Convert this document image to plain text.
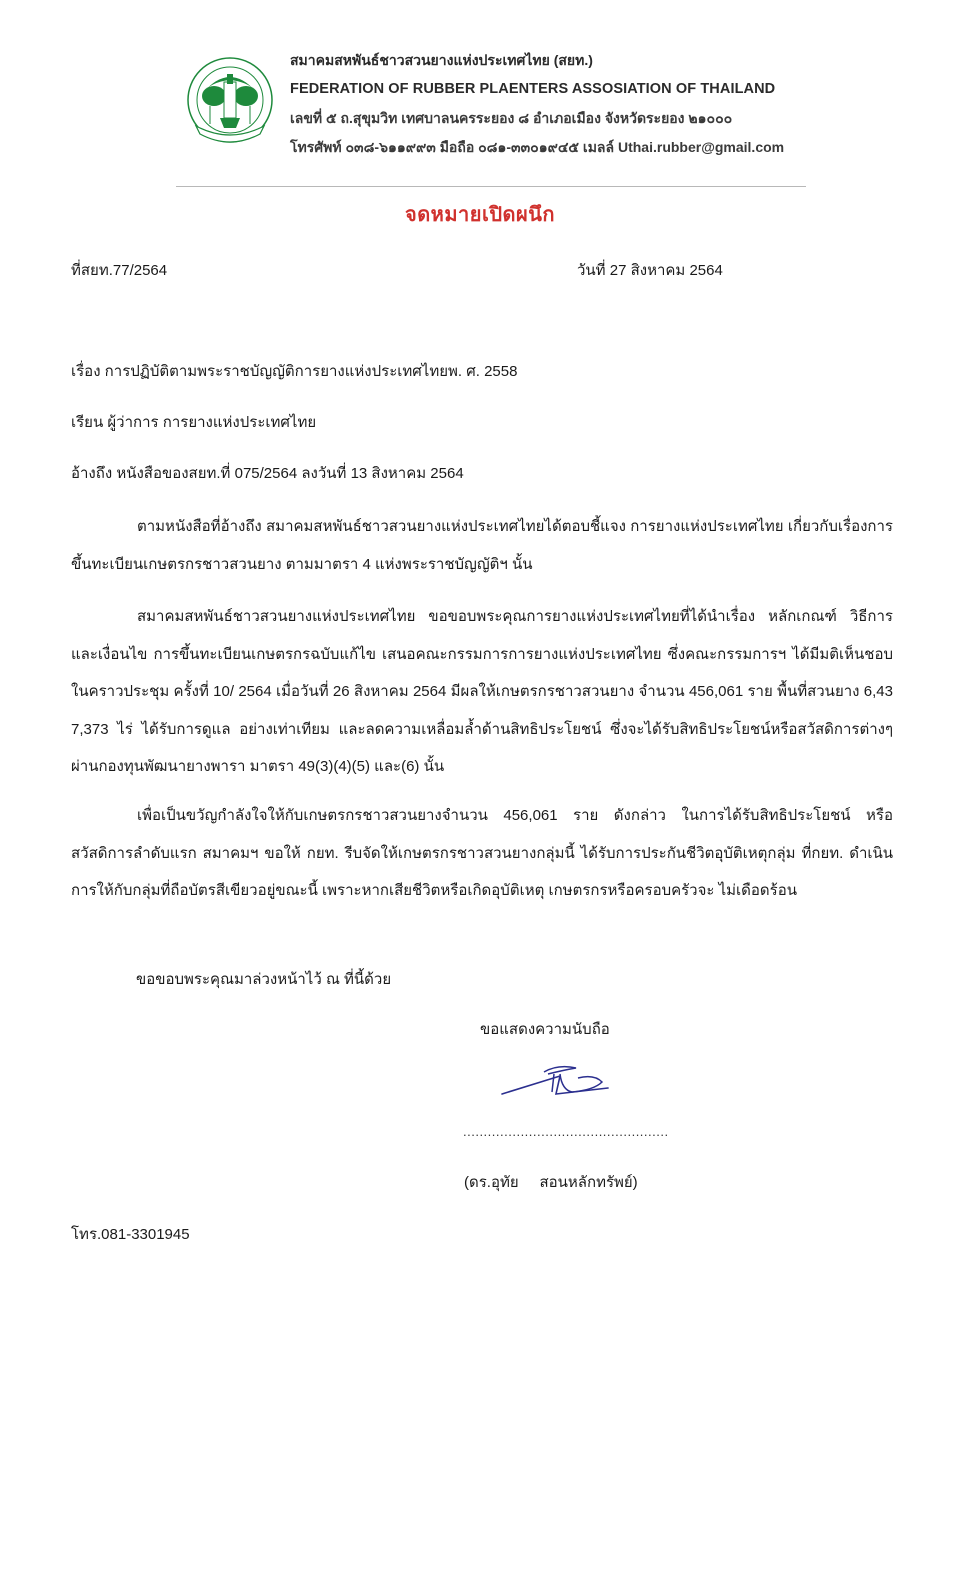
สมาคมสหพันธ์ชาวสวนยางแห่งประเทศไทย (สยท.)
FEDERATION OF RUBBER PLAENTERS ASSOSIATION OF THAILAND
เลขที่ ๕ ถ.สุขุมวิท เทศบาลนครระยอง ๘ อำเภอเมือง จังหวัดระยอง ๒๑๐๐๐
โทรศัพท์ ๐๓๘-๖๑๑๙๙๓ มือถือ ๐๘๑-๓๓๐๑๙๔๕ เมลล์ Uthai.rubber@gmail.com
จดหมายเปิดผนึก
ที่สยท.77/2564	วันที่ 27 สิงหาคม 2564
เรื่อง การปฏิบัติตามพระราชบัญญัติการยางแห่งประเทศไทยพ. ศ. 2558
เรียน ผู้ว่าการ การยางแห่งประเทศไทย
อ้างถึง หนังสือของสยท.ที่ 075/2564 ลงวันที่ 13 สิงหาคม 2564
ตามหนังสือที่อ้างถึง สมาคมสหพันธ์ชาวสวนยางแห่งประเทศไทยได้ตอบชี้แจง การยางแห่งประเทศไทย เกี่ยวกับเรื่องการขึ้นทะเบียนเกษตรกรชาวสวนยาง ตามมาตรา 4 แห่งพระราชบัญญัติฯ นั้น
สมาคมสหพันธ์ชาวสวนยางแห่งประเทศไทย ขอขอบพระคุณการยางแห่งประเทศไทยที่ได้นำเรื่อง หลักเกณฑ์ วิธีการ และเงื่อนไข การขึ้นทะเบียนเกษตรกรฉบับแก้ไข เสนอคณะกรรมการการยางแห่งประเทศไทย ซึ่งคณะกรรมการฯ ได้มีมติเห็นชอบในคราวประชุม ครั้งที่ 10/ 2564 เมื่อวันที่ 26 สิงหาคม 2564 มีผลให้เกษตรกรชาวสวนยาง จำนวน 456,061 ราย พื้นที่สวนยาง 6,43 7,373 ไร่ ได้รับการดูแล อย่างเท่าเทียม และลดความเหลื่อมล้ำด้านสิทธิประโยชน์ ซึ่งจะได้รับสิทธิประโยชน์หรือสวัสดิการต่างๆผ่านกองทุนพัฒนายางพารา มาตรา 49(3)(4)(5) และ(6) นั้น
เพื่อเป็นขวัญกำลังใจให้กับเกษตรกรชาวสวนยางจำนวน 456,061 ราย ดังกล่าว ในการได้รับสิทธิประโยชน์ หรือสวัสดิการลำดับแรก สมาคมฯ ขอให้ กยท. รีบจัดให้เกษตรกรชาวสวนยางกลุ่มนี้ ได้รับการประกันชีวิตอุบัติเหตุกลุ่ม ที่กยท. ดำเนินการให้กับกลุ่มที่ถือบัตรสีเขียวอยู่ขณะนี้ เพราะหากเสียชีวิตหรือเกิดอุบัติเหตุ เกษตรกรหรือครอบครัวจะ ไม่เดือดร้อน
ขอขอบพระคุณมาล่วงหน้าไว้ ณ ที่นี้ด้วย
ขอแสดงความนับถือ
..................................................
(ดร.อุทัย     สอนหลักทรัพย์)
โทร.081-3301945
